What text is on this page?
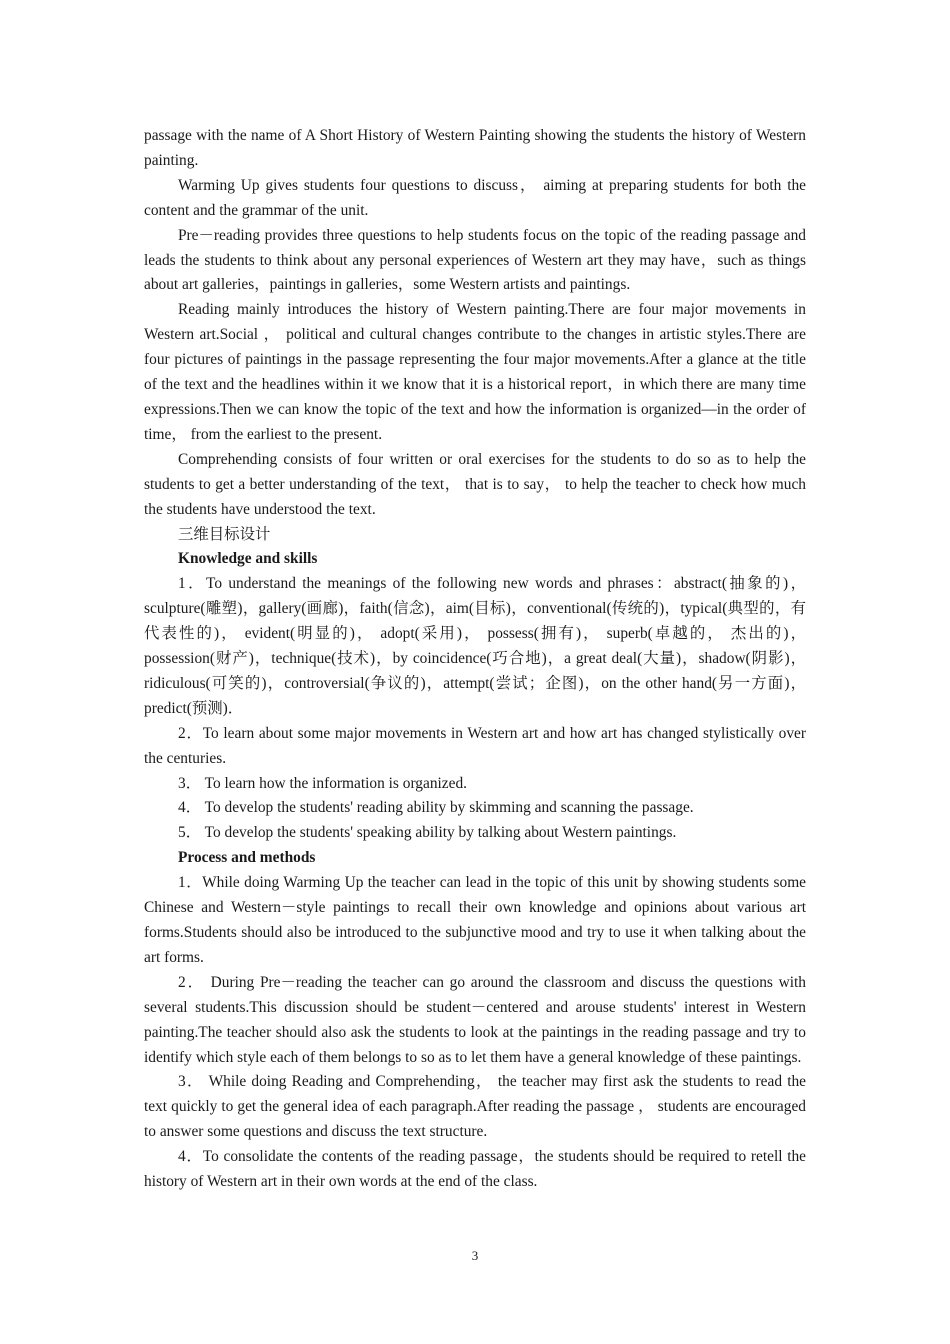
passage with the name of A Short History of Western Painting showing the students the history of Western painting.

Warming Up gives students four questions to discuss， aiming at preparing students for both the content and the grammar of the unit.

Pre－reading provides three questions to help students focus on the topic of the reading passage and leads the students to think about any personal experiences of Western art they may have，such as things about art galleries，paintings in galleries，some Western artists and paintings.

Reading mainly introduces the history of Western painting.There are four major movements in Western art.Social ， political and cultural changes contribute to the changes in artistic styles.There are four pictures of paintings in the passage representing the four major movements.After a glance at the title of the text and the headlines within it we know that it is a historical report，in which there are many time expressions.Then we can know the topic of the text and how the information is organized—in the order of time， from the earliest to the present.

Comprehending consists of four written or oral exercises for the students to do so as to help the students to get a better understanding of the text， that is to say， to help the teacher to check how much the students have understood the text.

三维目标设计

Knowledge and skills

1．To understand the meanings of the following new words and phrases：abstract(抽象的)，sculpture(雕塑)，gallery(画廊)，faith(信念)，aim(目标)，conventional(传统的)，typical(典型的，有代表性的)， evident(明显的)， adopt(采用)， possess(拥有)， superb(卓越的， 杰出的)，possession(财产)，technique(技术)，by coincidence(巧合地)，a great deal(大量)，shadow(阴影)，ridiculous(可笑的)，controversial(争议的)，attempt(尝试；企图)，on the other hand(另一方面)，predict(预测)．

2．To learn about some major movements in Western art and how art has changed stylistically over the centuries.

3． To learn how the information is organized.

4． To develop the students' reading ability by skimming and scanning the passage.

5． To develop the students' speaking ability by talking about Western paintings.

Process and methods

1．While doing Warming Up the teacher can lead in the topic of this unit by showing students some Chinese and Western－style paintings to recall their own knowledge and opinions about various art forms.Students should also be introduced to the subjunctive mood and try to use it when talking about the art forms.

2． During Pre－reading the teacher can go around the classroom and discuss the questions with several students.This discussion should be student－centered and arouse students' interest in Western painting.The teacher should also ask the students to look at the paintings in the reading passage and try to identify which style each of them belongs to so as to let them have a general knowledge of these paintings.

3． While doing Reading and Comprehending， the teacher may first ask the students to read the text quickly to get the general idea of each paragraph.After reading the passage ， students are encouraged to answer some questions and discuss the text structure.

4．To consolidate the contents of the reading passage，the students should be required to retell the history of Western art in their own words at the end of the class.

3
